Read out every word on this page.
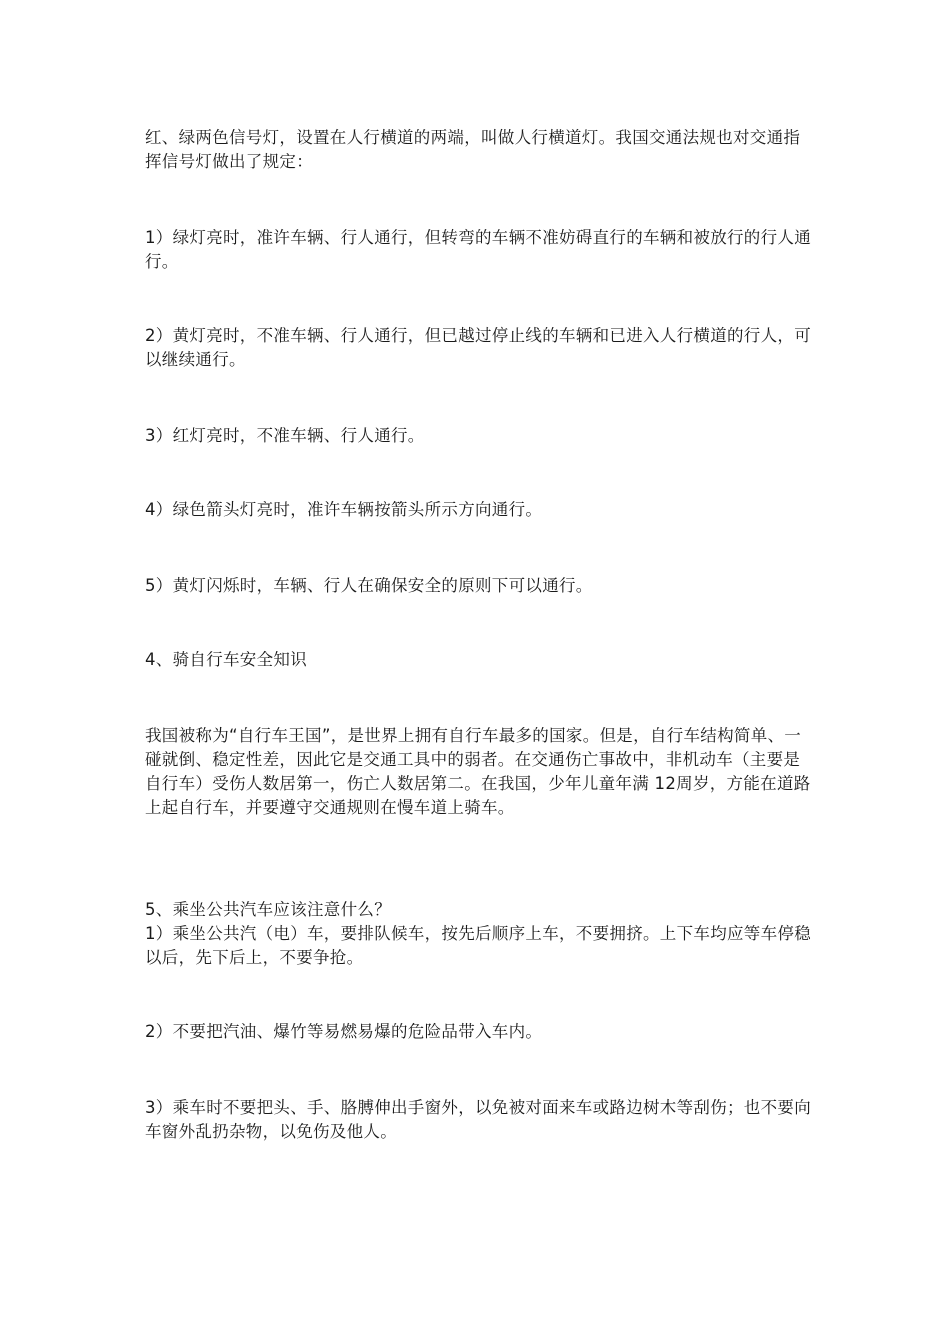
红、绿两色信号灯，设置在人行横道的两端，叫做人行横道灯。我国交通法规也对交通指挥信号灯做出了规定：

1）绿灯亮时，准许车辆、行人通行，但转弯的车辆不准妨碍直行的车辆和被放行的行人通行。

2）黄灯亮时，不准车辆、行人通行，但已越过停止线的车辆和已进入人行横道的行人，可以继续通行。

3）红灯亮时，不准车辆、行人通行。

4）绿色箭头灯亮时，准许车辆按箭头所示方向通行。

5）黄灯闪烁时，车辆、行人在确保安全的原则下可以通行。

4、骑自行车安全知识

我国被称为“自行车王国”，是世界上拥有自行车最多的国家。但是，自行车结构简单、一碰就倒、稳定性差，因此它是交通工具中的弱者。在交通伤亡事故中，非机动车（主要是自行车）受伤人数居第一，伤亡人数居第二。在我国，少年儿童年满 12周岁，方能在道路上起自行车，并要遵守交通规则在慢车道上骑车。

5、乘坐公共汽车应该注意什么？

1）乘坐公共汽（电）车，要排队候车，按先后顺序上车，不要拥挤。上下车均应等车停稳以后，先下后上，不要争抢。

2）不要把汽油、爆竹等易燃易爆的危险品带入车内。

3）乘车时不要把头、手、胳膊伸出手窗外，以免被对面来车或路边树木等刮伤；也不要向车窗外乱扔杂物，以免伤及他人。
